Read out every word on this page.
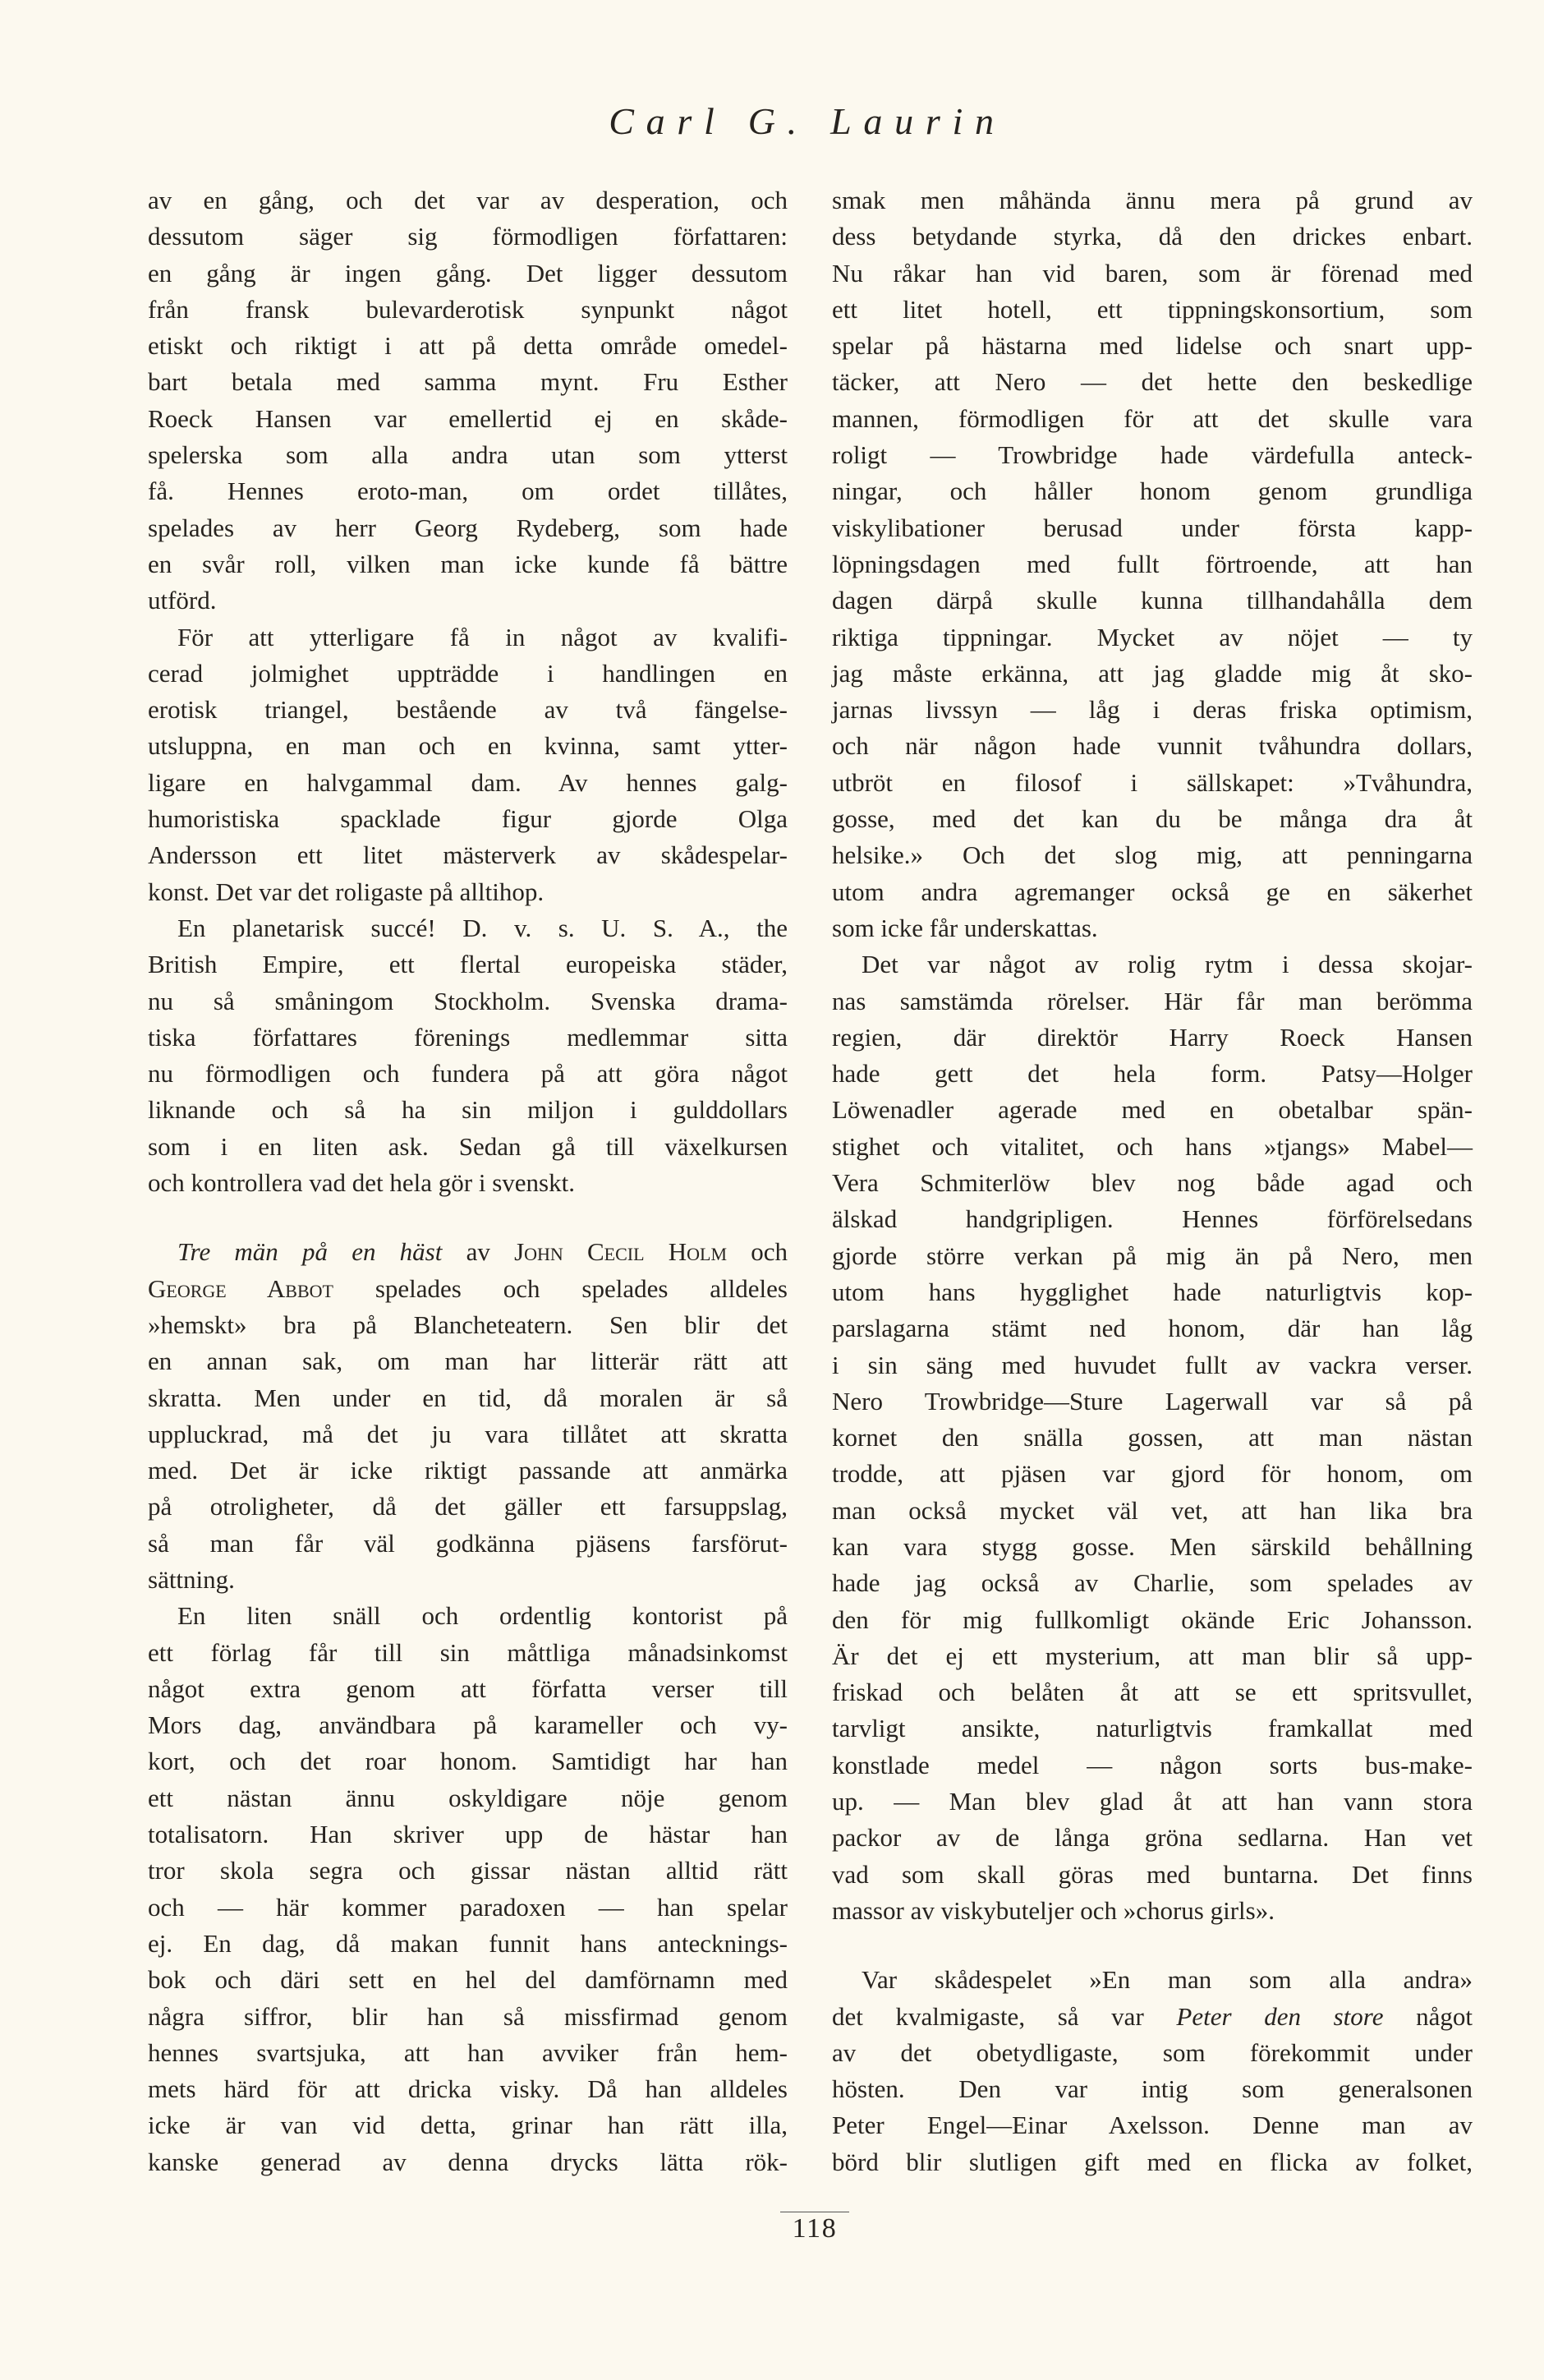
Carl G. Laurin
av en gång, och det var av desperation, och
dessutom säger sig förmodligen författaren:
en gång är ingen gång. Det ligger dessutom
från fransk bulevarderotisk synpunkt något
etiskt och riktigt i att på detta område omedel-
bart betala med samma mynt. Fru Esther
Roeck Hansen var emellertid ej en skåde-
spelerska som alla andra utan som ytterst
få. Hennes eroto-man, om ordet tillåtes,
spelades av herr Georg Rydeberg, som hade
en svår roll, vilken man icke kunde få bättre
utförd.
För att ytterligare få in något av kvalifi-
cerad jolmighet uppträdde i handlingen en
erotisk triangel, bestående av två fängelse-
utsluppna, en man och en kvinna, samt ytter-
ligare en halvgammal dam. Av hennes galg-
humoristiska spacklade figur gjorde Olga
Andersson ett litet mästerverk av skådespelar-
konst. Det var det roligaste på alltihop.
En planetarisk succé! D. v. s. U. S. A., the
British Empire, ett flertal europeiska städer,
nu så småningom Stockholm. Svenska drama-
tiska författares förenings medlemmar sitta
nu förmodligen och fundera på att göra något
liknande och så ha sin miljon i gulddollars
som i en liten ask. Sedan gå till växelkursen
och kontrollera vad det hela gör i svenskt.
Tre män på en häst av John Cecil Holm och
George Abbot spelades och spelades alldeles
»hemskt» bra på Blancheteatern. Sen blir det
en annan sak, om man har litterär rätt att
skratta. Men under en tid, då moralen är så
uppluckrad, må det ju vara tillåtet att skratta
med. Det är icke riktigt passande att anmärka
på otroligheter, då det gäller ett farsuppslag,
så man får väl godkänna pjäsens farsförut-
sättning.
En liten snäll och ordentlig kontorist på
ett förlag får till sin måttliga månadsinkomst
något extra genom att författa verser till
Mors dag, användbara på karameller och vy-
kort, och det roar honom. Samtidigt har han
ett nästan ännu oskyldigare nöje genom
totalisatorn. Han skriver upp de hästar han
tror skola segra och gissar nästan alltid rätt
och — här kommer paradoxen — han spelar
ej. En dag, då makan funnit hans antecknings-
bok och däri sett en hel del damförnamn med
några siffror, blir han så missfirmad genom
hennes svartsjuka, att han avviker från hem-
mets härd för att dricka visky. Då han alldeles
icke är van vid detta, grinar han rätt illa,
kanske generad av denna drycks lätta rök-
smak men måhända ännu mera på grund av
dess betydande styrka, då den drickes enbart.
Nu råkar han vid baren, som är förenad med
ett litet hotell, ett tippningskonsortium, som
spelar på hästarna med lidelse och snart upp-
täcker, att Nero — det hette den beskedlige
mannen, förmodligen för att det skulle vara
roligt — Trowbridge hade värdefulla anteck-
ningar, och håller honom genom grundliga
viskylibationer berusad under första kapp-
löpningsdagen med fullt förtroende, att han
dagen därpå skulle kunna tillhandahålla dem
riktiga tippningar. Mycket av nöjet — ty
jag måste erkänna, att jag gladde mig åt sko-
jarnas livssyn — låg i deras friska optimism,
och när någon hade vunnit tvåhundra dollars,
utbröt en filosof i sällskapet: »Tvåhundra,
gosse, med det kan du be många dra åt
helsike.» Och det slog mig, att penningarna
utom andra agremanger också ge en säkerhet
som icke får underskattas.
Det var något av rolig rytm i dessa skojar-
nas samstämda rörelser. Här får man berömma
regien, där direktör Harry Roeck Hansen
hade gett det hela form. Patsy—Holger
Löwenadler agerade med en obetalbar spän-
stighet och vitalitet, och hans »tjangs» Mabel—
Vera Schmiterlöw blev nog både agad och
älskad handgripligen. Hennes förförelsedans
gjorde större verkan på mig än på Nero, men
utom hans hygglighet hade naturligtvis kop-
parslagarna stämt ned honom, där han låg
i sin säng med huvudet fullt av vackra verser.
Nero Trowbridge—Sture Lagerwall var så på
kornet den snälla gossen, att man nästan
trodde, att pjäsen var gjord för honom, om
man också mycket väl vet, att han lika bra
kan vara stygg gosse. Men särskild behållning
hade jag också av Charlie, som spelades av
den för mig fullkomligt okände Eric Johansson.
Är det ej ett mysterium, att man blir så upp-
friskad och belåten åt att se ett spritsvullet,
tarvligt ansikte, naturligtvis framkallat med
konstlade medel — någon sorts bus-make-
up. — Man blev glad åt att han vann stora
packor av de långa gröna sedlarna. Han vet
vad som skall göras med buntarna. Det finns
massor av viskybuteljer och »chorus girls».
Var skådespelet »En man som alla andra»
det kvalmigaste, så var Peter den store något
av det obetydligaste, som förekommit under
hösten. Den var intig som generalsonen
Peter Engel—Einar Axelsson. Denne man av
börd blir slutligen gift med en flicka av folket,
118
